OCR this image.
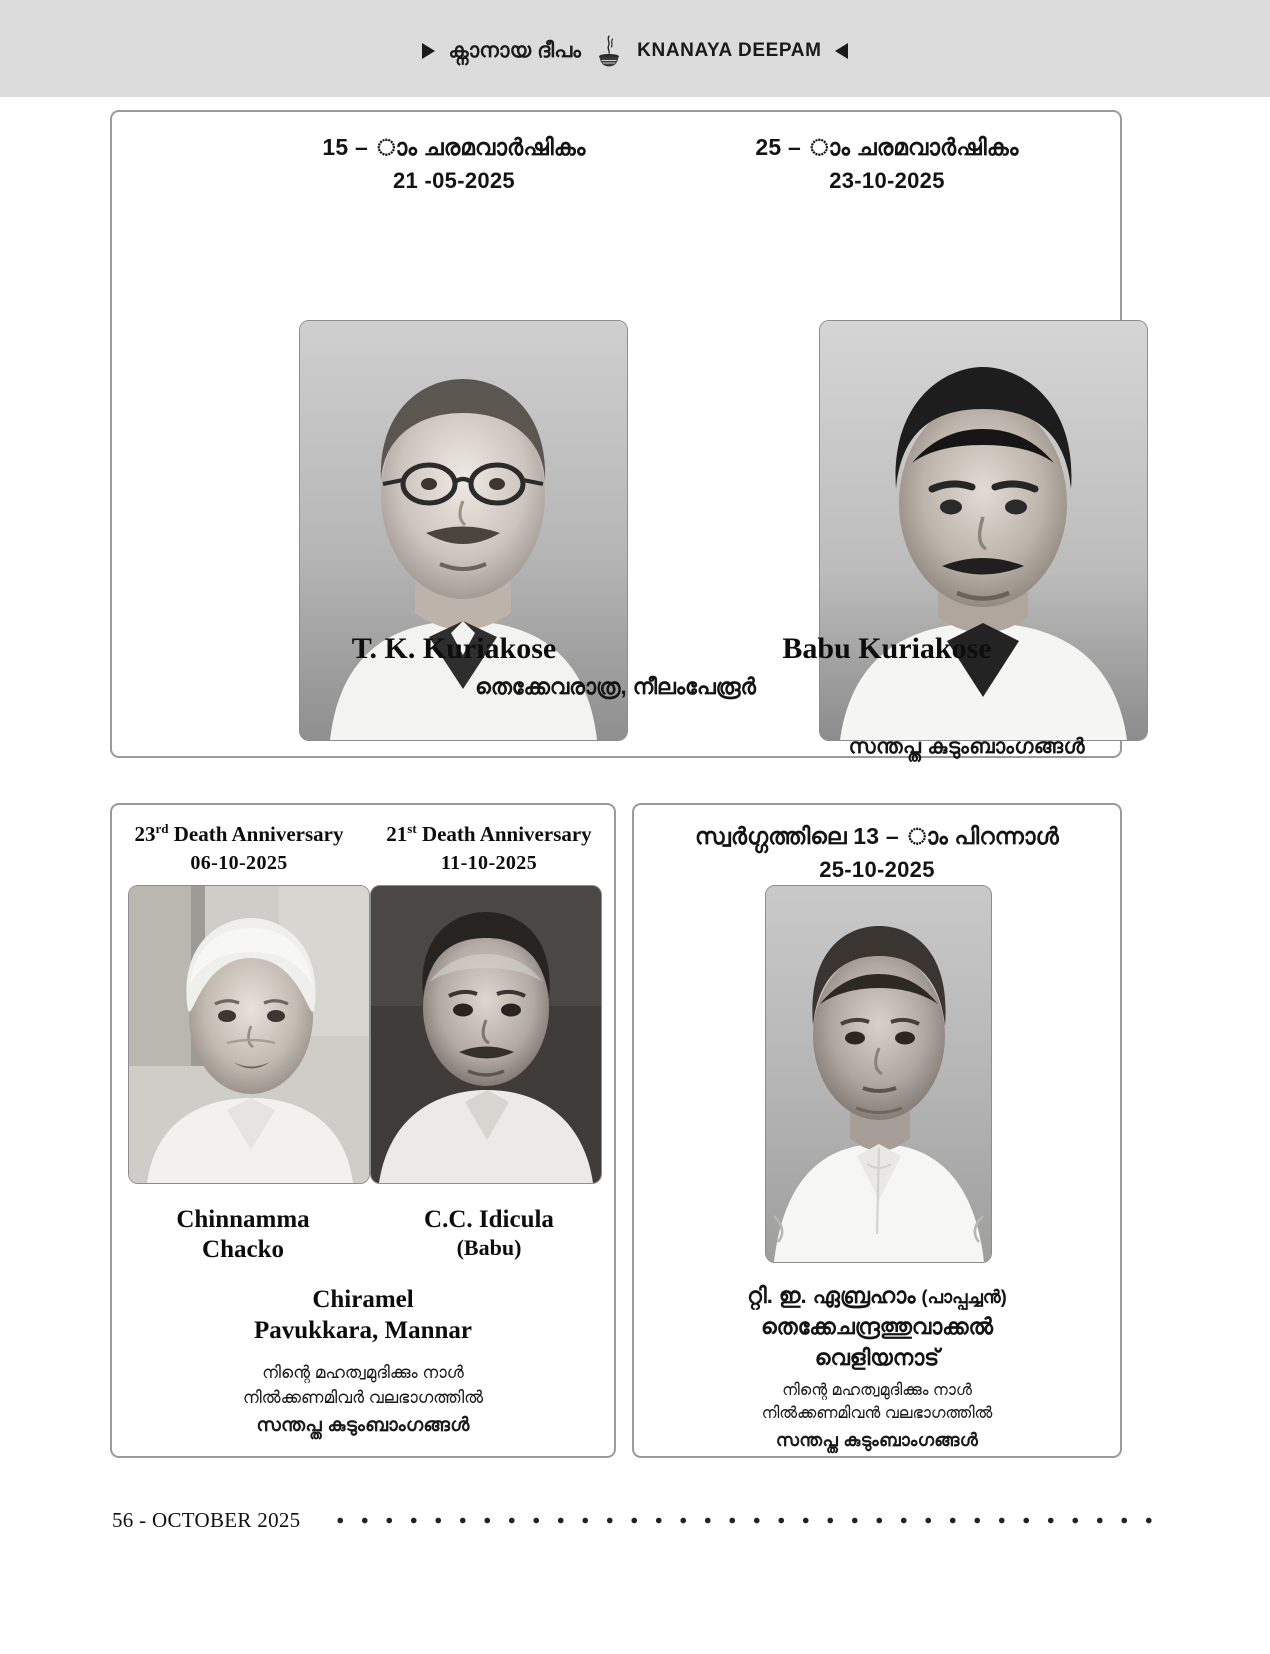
ക്നാനായ ദീപം	KNANAYA DEEPAM
15 – ാം ചരമവാർഷികം
21 -05-2025
25 – ാം ചരമവാർഷികം
23-10-2025
T. K. Kuriakose	Babu Kuriakose
തെക്കേവരാത്ര, നീലംപേരൂർ
സന്തപ്ത കുടുംബാംഗങ്ങൾ
23rd Death Anniversary
06-10-2025
21st Death Anniversary
11-10-2025
Chinnamma
Chacko
C.C. Idicula
(Babu)
Chiramel
Pavukkara, Mannar
നിന്റെ മഹത്വമുദിക്കും നാൾ
നിൽക്കണമിവർ വലഭാഗത്തിൽ
സന്തപ്ത കുടുംബാംഗങ്ങൾ
സ്വർഗ്ഗത്തിലെ 13 – ാം പിറന്നാൾ
25-10-2025
റ്റി. ഇ. ഏബ്രഹാം (പാപ്പച്ചൻ)
തെക്കേചന്ദ്രത്തുവാക്കൽ
വെളിയനാട്
നിന്റെ മഹത്വമുദിക്കും നാൾ
നിൽക്കണമിവൻ വലഭാഗത്തിൽ
സന്തപ്ത കുടുംബാംഗങ്ങൾ
56 - OCTOBER 2025
